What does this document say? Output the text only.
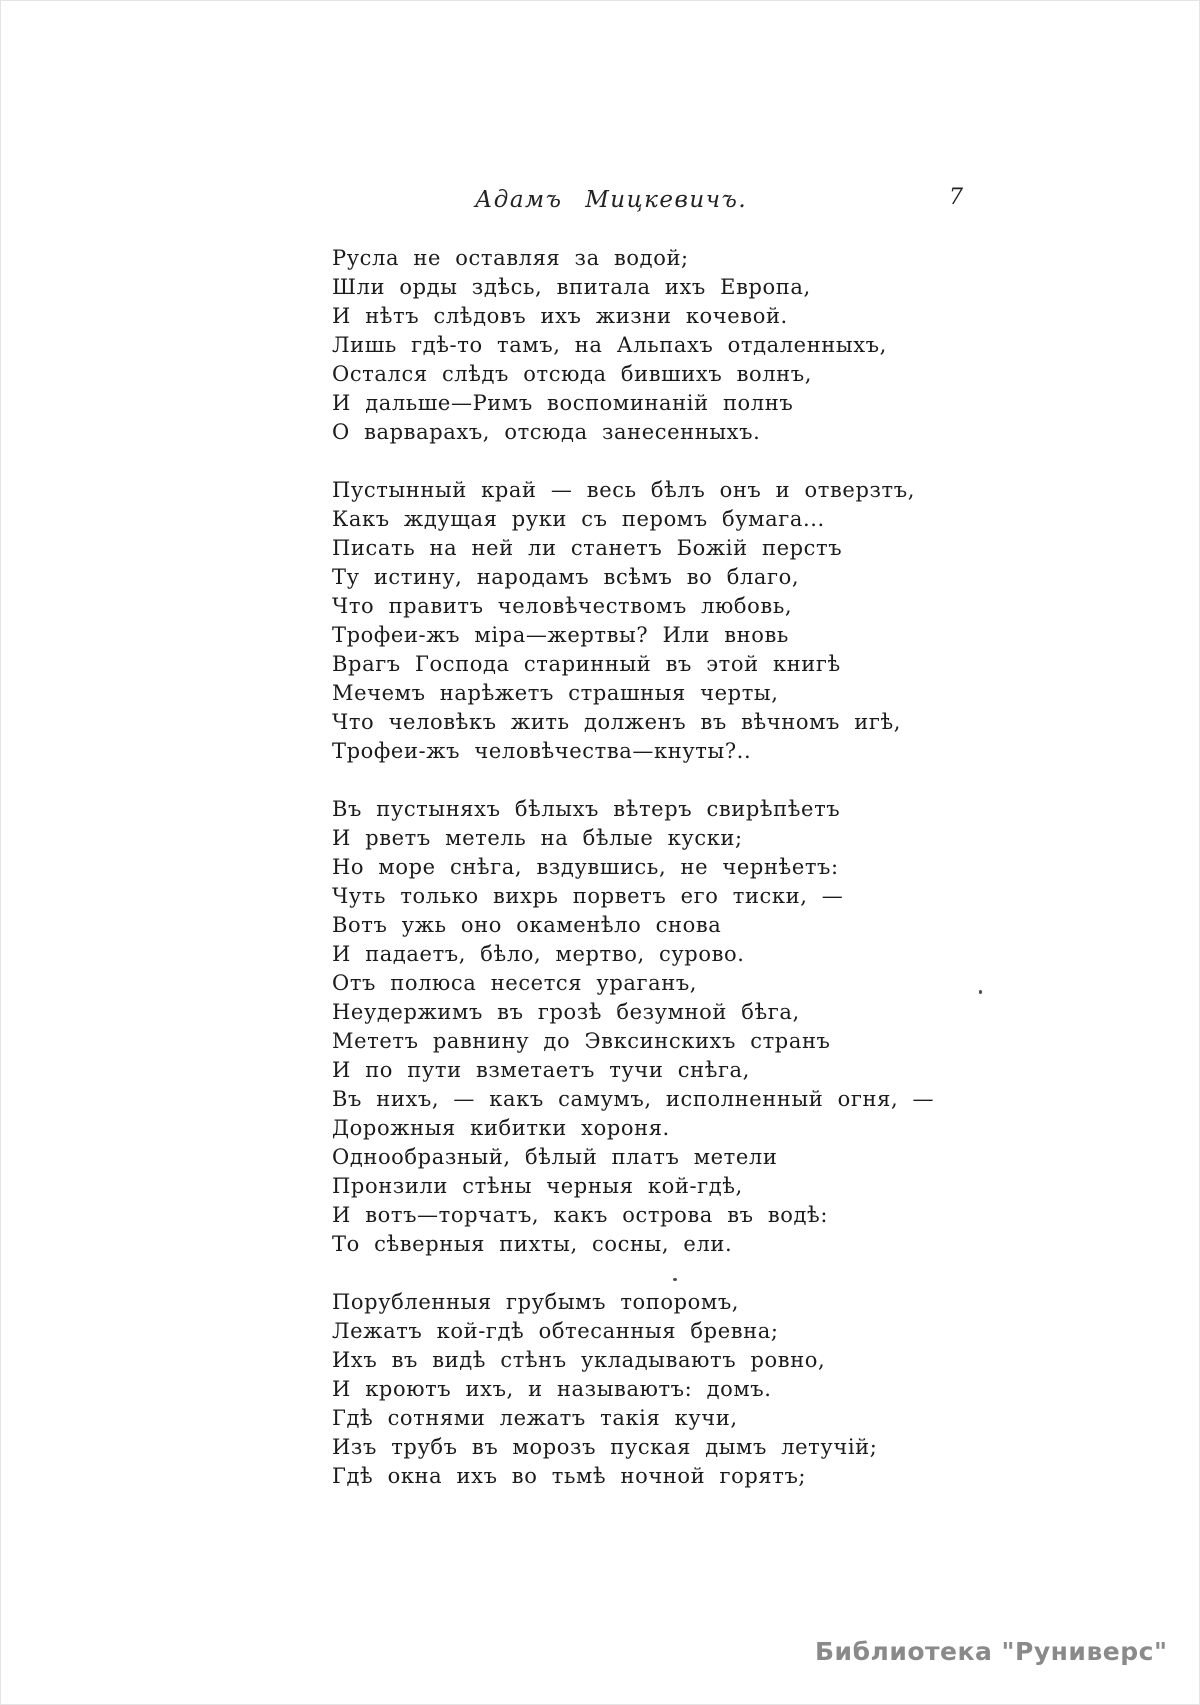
Адамъ Мицкевичъ.	7
Русла не оставляя за водой;
Шли орды здѣсь, впитала ихъ Европа,
И нѣтъ слѣдовъ ихъ жизни кочевой.
Лишь гдѣ-то тамъ, на Альпахъ отдаленныхъ,
Остался слѣдъ отсюда бившихъ волнъ,
И дальше—Римъ воспоминаній полнъ
О варварахъ, отсюда занесенныхъ.
Пустынный край — весь бѣлъ онъ и отверзтъ,
Какъ ждущая руки съ перомъ бумага...
Писать на ней ли станетъ Божій перстъ
Ту истину, народамъ всѣмъ во благо,
Что правитъ человѣчествомъ любовь,
Трофеи-жъ міра—жертвы? Или вновь
Врагъ Господа старинный въ этой книгѣ
Мечемъ нарѣжетъ страшныя черты,
Что человѣкъ жить долженъ въ вѣчномъ игѣ,
Трофеи-жъ человѣчества—кнуты?..
Въ пустыняхъ бѣлыхъ вѣтеръ свирѣпѣетъ
И рветъ метель на бѣлые куски;
Но море снѣга, вздувшись, не чернѣетъ:
Чуть только вихрь порветъ его тиски, —
Вотъ ужь оно окаменѣло снова
И падаетъ, бѣло, мертво, сурово.
Отъ полюса несется ураганъ,
Неудержимъ въ грозѣ безумной бѣга,
Мететъ равнину до Эвксинскихъ странъ
И по пути взметаетъ тучи снѣга,
Въ нихъ, — какъ самумъ, исполненный огня, —
Дорожныя кибитки хороня.
Однообразный, бѣлый платъ метели
Пронзили стѣны черныя кой-гдѣ,
И вотъ—торчатъ, какъ острова въ водѣ:
То сѣверныя пихты, сосны, ели.
Порубленныя грубымъ топоромъ,
Лежатъ кой-гдѣ обтесанныя бревна;
Ихъ въ видѣ стѣнъ укладываютъ ровно,
И кроютъ ихъ, и называютъ: домъ.
Гдѣ сотнями лежатъ такія кучи,
Изъ трубъ въ морозъ пуская дымъ летучій;
Гдѣ окна ихъ во тьмѣ ночной горятъ;
Библиотека "Руниверс"
